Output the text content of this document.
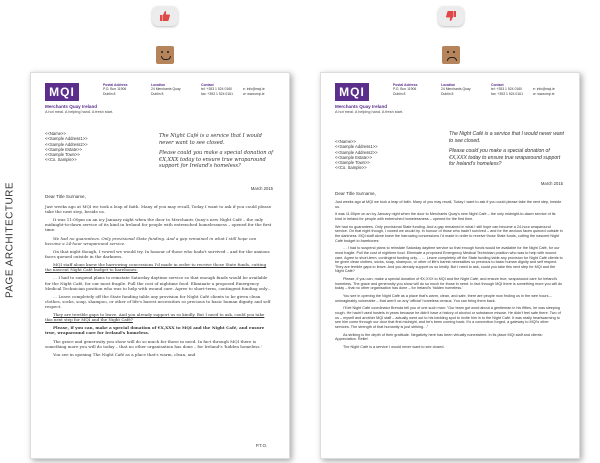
PAGE ARCHITECTURE
MQI
Merchants Quay Ireland
A hot meal. A helping hand. A fresh start.
Postal Address
P.O. Box 11906
Dublin 8
Location
24 Merchants Quay
Dublin 8
Contact
tel: +353 1 524 0160
fax: +353 1 524 0161

e: info@mqi.ie
w: www.mqi.ie
<<Name>>
<<Sample Address1>>
<<Sample Address2>>
<<Sample Estate>>
<<Sample Town>>
<<Co. Sample>>

The Night Café is a service that I would never want to see closed.

Please could you make a special donation of €X,XXX today to ensure true wraparound support for Ireland's homeless?

March 2015
Dear Title Surname,

Just weeks ago at MQI we took a leap of faith. Many of you may recall, Today I want to ask if you could please take the next step, beside us.

It was 11:00pm on an icy January night when the door to Merchants Quay's new Night Café – the only midnight-to-dawn service of its kind in Ireland for people with entrenched homelessness – opened for the first time.

We had no guarantees. Only provisional State funding. And a gap remained in what I still hope can become a 24-hour wraparound service.

On that night though, I vowed we would try. In honour of those who hadn't survived – and for the anxious faces queued outside in the darkness.

MQI staff alone knew the harrowing concessions I'd made in order to receive those State funds, cutting the nascent Night Café budget to barebones:

… I had to suspend plans to reinstate Saturday daytime service so that enough funds would be available for the Night Café, for our most fragile. Pull the cost of nightime food. Eliminate a proposed Emergency Medical Technician position who was to help with wound care. Agree to short-term, contingent funding only…

… Leave completely off the State funding table any provision for Night Café clients to be given clean clothes, socks, soap, shampoo, or other of life's barest necessities so precious to basic human dignity and self respect.

They are terrible gaps to leave. And you already support us so kindly. But I need to ask, could you take this next step for MQI and the Night Café?

Please, if you can, make a special donation of €X,XXX to MQI and the Night Café, and ensure true, wraparound care for Ireland's homeless.

The grace and generosity you show will do so much for those in need. In fact through MQI there is something more you will do today – that no other organisation has done – for Ireland's 'hidden homeless.'

You see in opening The Night Café as a place that's warm, clean, and

P.T.O.
MQI
Merchants Quay Ireland
A hot meal. A helping hand. A fresh start.
Postal Address
P.O. Box 11906
Dublin 8
Location
24 Merchants Quay
Dublin 8
Contact
tel: +353 1 524 0160
fax: +353 1 524 0161

e: info@mqi.ie
w: www.mqi.ie
<<Name>>
<<Sample Address1>>
<<Sample Address2>>
<<Sample Estate>>
<<Sample Town>>
<<Co. Sample>>

The Night Café is a service that I would never want to see closed.

Please could you make a special donation of €X,XXX today to ensure true wraparound support for Ireland's homeless?

March 2015
Dear Title Surname,

Just weeks ago at MQI we took a leap of faith. Many of you may recall, Today I want to ask if you could please take the next step, beside us.

It was 11:00pm on an icy January night when the door to Merchants Quay's new Night Café – the only midnight-to-dawn service of its kind in Ireland for people with entrenched homelessness – opened for the first time.

We had no guarantees. Only provisional State funding. And a gap remained in what I still hope can become a 24-hour wraparound service. On that night though, I vowed we would try. In honour of those who hadn't survived – and for the anxious faces queued outside in the darkness. MQI staff alone knew the harrowing concessions I'd made in order to receive those State funds, cutting the nascent Night Café budget to barebones:

… I had to suspend plans to reinstate Saturday daytime service so that enough funds would be available for the Night Café, for our most fragile. Pull the cost of nightime food. Eliminate a proposed Emergency Medical Technician position who was to help with wound care. Agree to short-term, contingent funding only… … Leave completely off the State funding table any provision for Night Café clients to be given clean clothes, socks, soap, shampoo, or other of life's barest necessities so precious to basic human dignity and self respect. They are terrible gaps to leave. And you already support us so kindly. But I need to ask, could you take this next step for MQI and the Night Café?

Please, if you can, make a special donation of €X,XXX to MQI and the Night Café, and ensure true, wraparound care for Ireland's homeless. The grace and generosity you show will do so much for those in need. In fact through MQI there is something more you will do today – that no other organisation has done – for Ireland's 'hidden homeless.'

You see in opening the Night Café as a place that's warm, clean, and safe, there are people now finding us in the wee hours – unimaginably vulnerable – that aren't on any 'official' homeless census. You can bring them back.

I'll let Night Café coordinator Brenda tell you of one such man: "Our team got word about a gentleman in his fifties, he was sleeping rough. He hadn't used hostels in years because he didn't have a history of alcohol or substance misuse. He didn't feel safe there. Two of us – myself and another MQI staff – actually went out to his bedding spot to invite him in to the Night Café. It was really heartwarming to see him come through our door that first midnight, and he's been coming back. It's a connection forged, a gateway to MQI's other services. The strength of that humanity is just striking…"

As striking is the depth of their gratitude. Negativity here has been virtually nonexistent. In its place MQI staff and clients: Appreciation. Relief.

The Night Café is a service I would never want to see closed.
